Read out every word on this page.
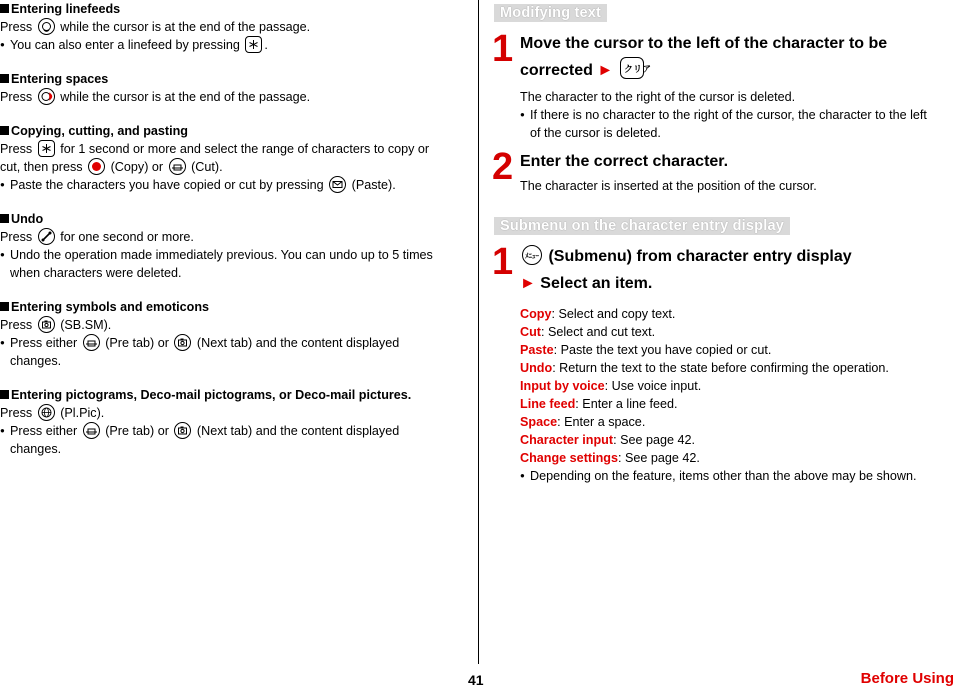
Entering linefeeds
Press while the cursor is at the end of the passage.
● You can also enter a linefeed by pressing .
Entering spaces
Press while the cursor is at the end of the passage.
Copying, cutting, and pasting
Press for 1 second or more and select the range of characters to copy or
cut, then press (Copy) or (Cut).
● Paste the characters you have copied or cut by pressing (Paste).
Undo
Press for one second or more.
● Undo the operation made immediately previous. You can undo up to 5 times
when characters were deleted.
Entering symbols and emoticons
Press (SB.SM).
● Press either (Pre tab) or (Next tab) and the content displayed
changes.
Entering pictograms, Deco-mail pictograms, or Deco-mail pictures.
Press (Pl.Pic).
● Press either (Pre tab) or (Next tab) and the content displayed
changes.
Modifying text
1 Move the cursor to the left of the character to be
corrected ► クリア
The character to the right of the cursor is deleted.
● If there is no character to the right of the cursor, the character to the left
of the cursor is deleted.
2 Enter the correct character.
The character is inserted at the position of the cursor.
Submenu on the character entry display
1 ﾒﾆｭｰ (Submenu) from character entry display
► Select an item.
Copy: Select and copy text.
Cut: Select and cut text.
Paste: Paste the text you have copied or cut.
Undo: Return the text to the state before confirming the operation.
Input by voice: Use voice input.
Line feed: Enter a line feed.
Space: Enter a space.
Character input: See page 42.
Change settings: See page 42.
● Depending on the feature, items other than the above may be shown.
41	Before Using
